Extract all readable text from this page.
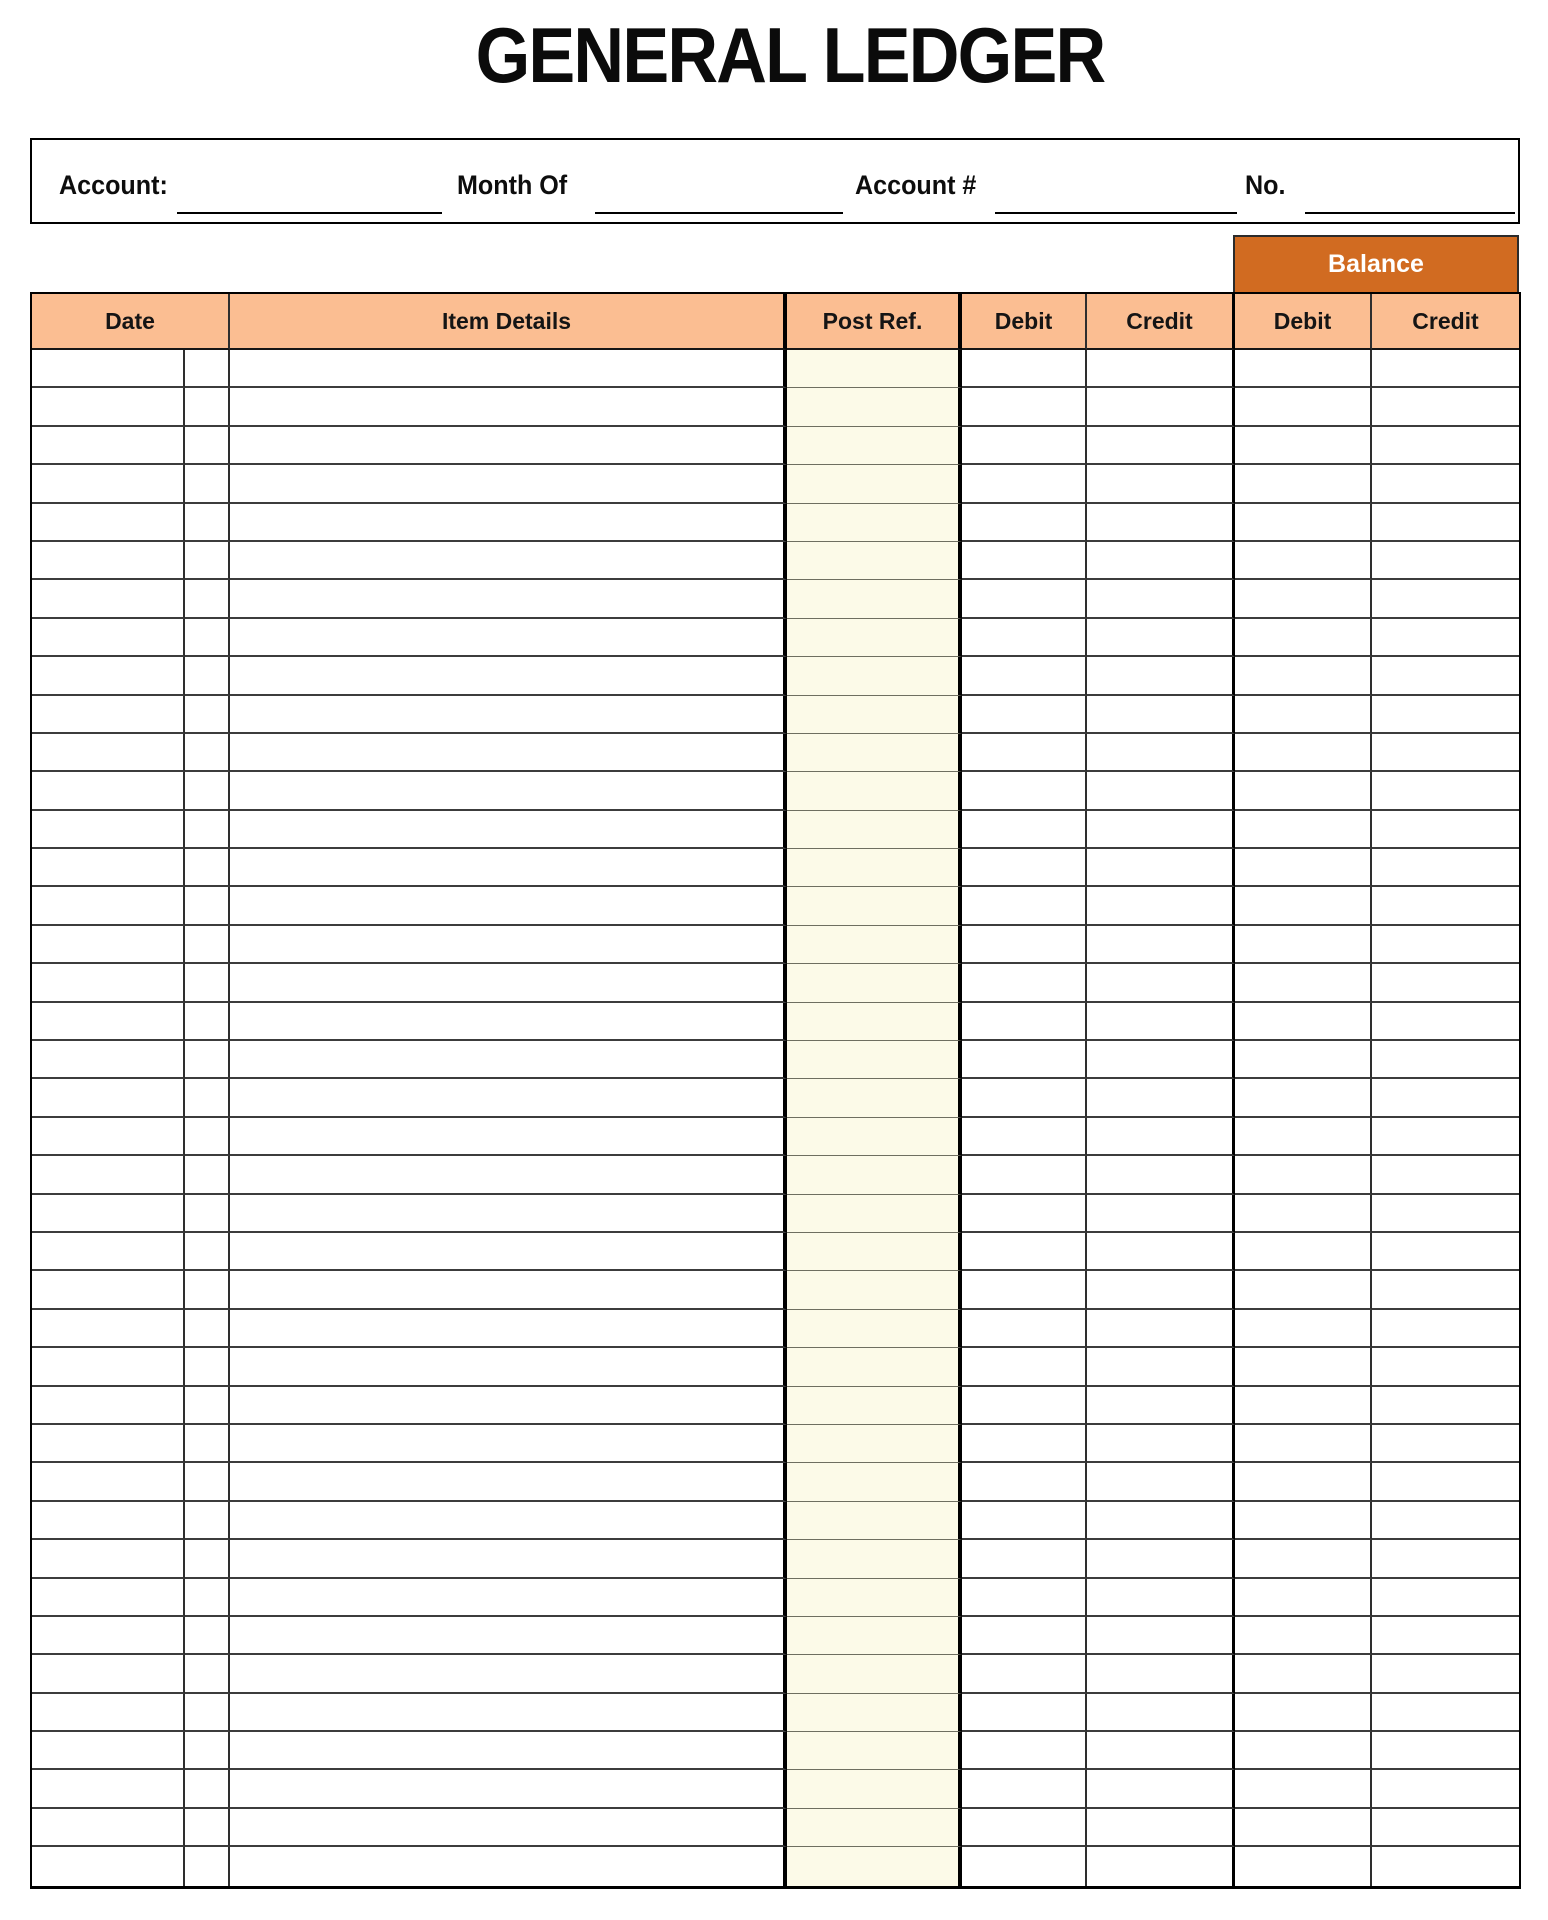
GENERAL LEDGER
Account:	Month Of	Account #	No.
Balance
Date	Item Details	Post Ref.	Debit	Credit	Debit	Credit
